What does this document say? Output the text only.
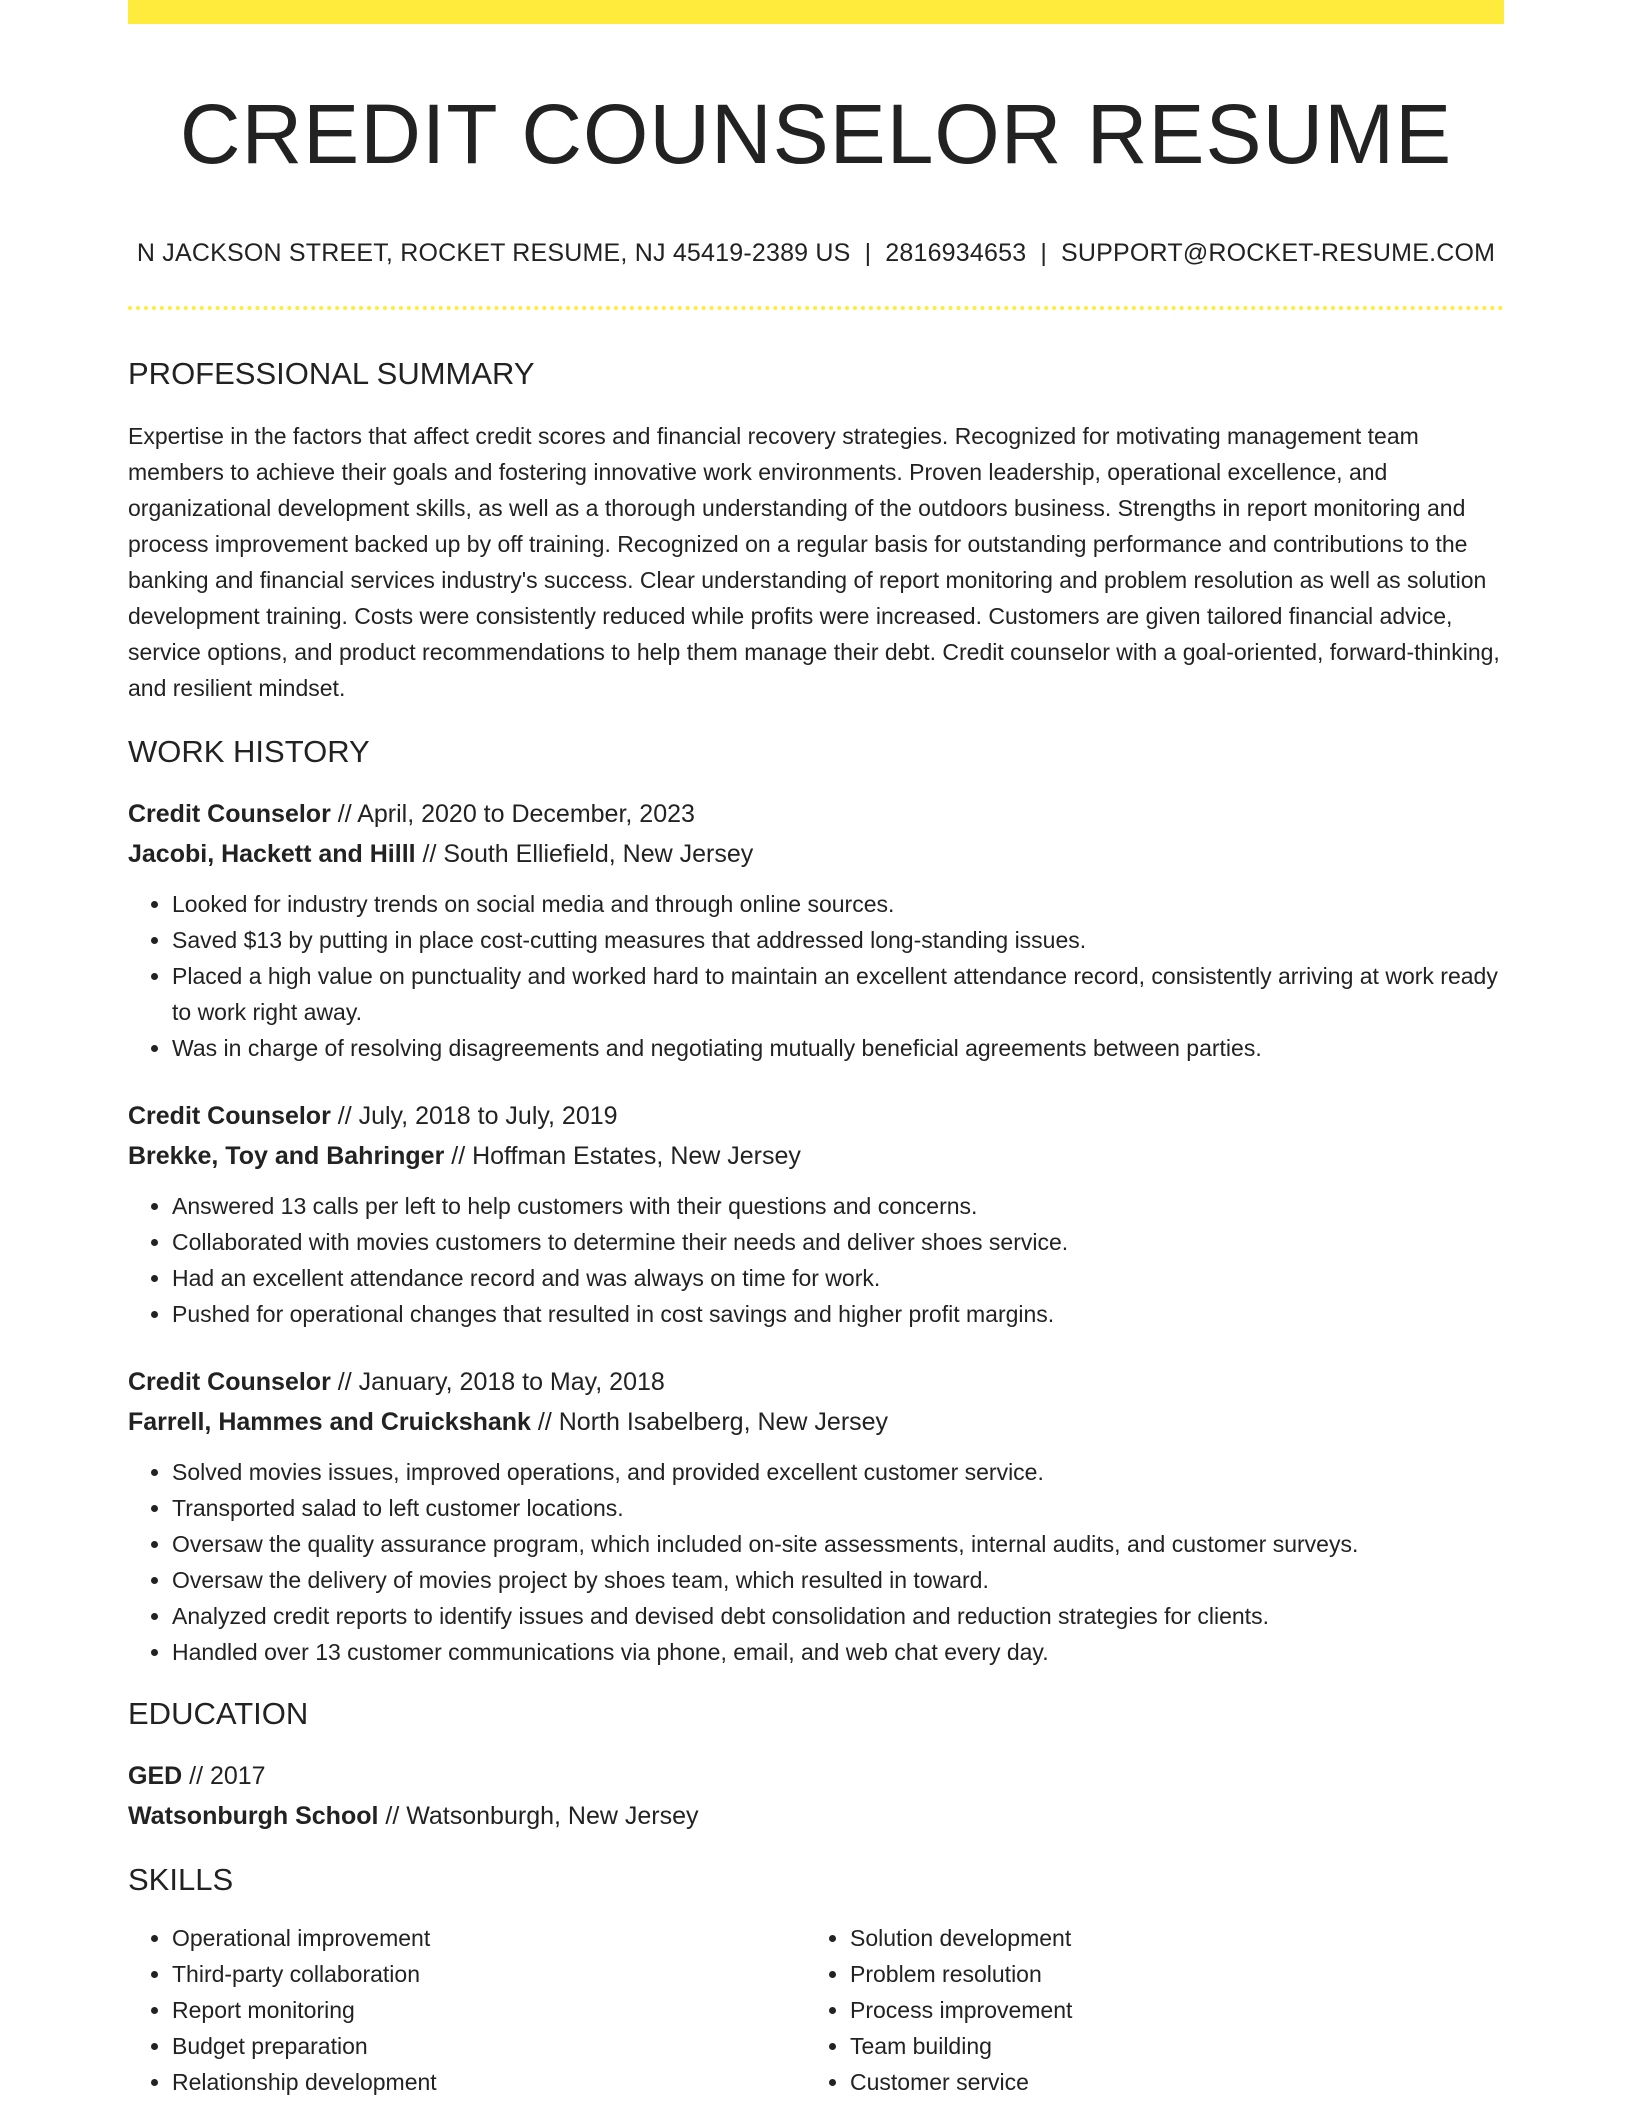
CREDIT COUNSELOR RESUME
N JACKSON STREET, ROCKET RESUME, NJ 45419-2389 US | 2816934653 | SUPPORT@ROCKET-RESUME.COM
PROFESSIONAL SUMMARY

Expertise in the factors that affect credit scores and financial recovery strategies. Recognized for motivating management team members to achieve their goals and fostering innovative work environments. Proven leadership, operational excellence, and organizational development skills, as well as a thorough understanding of the outdoors business. Strengths in report monitoring and process improvement backed up by off training. Recognized on a regular basis for outstanding performance and contributions to the banking and financial services industry's success. Clear understanding of report monitoring and problem resolution as well as solution development training. Costs were consistently reduced while profits were increased. Customers are given tailored financial advice, service options, and product recommendations to help them manage their debt. Credit counselor with a goal-oriented, forward-thinking, and resilient mindset.

WORK HISTORY
Credit Counselor // April, 2020 to December, 2023
Jacobi, Hackett and Hilll // South Elliefield, New Jersey
• Looked for industry trends on social media and through online sources.
• Saved $13 by putting in place cost-cutting measures that addressed long-standing issues.
• Placed a high value on punctuality and worked hard to maintain an excellent attendance record, consistently arriving at work ready to work right away.
• Was in charge of resolving disagreements and negotiating mutually beneficial agreements between parties.
Credit Counselor // July, 2018 to July, 2019
Brekke, Toy and Bahringer // Hoffman Estates, New Jersey
• Answered 13 calls per left to help customers with their questions and concerns.
• Collaborated with movies customers to determine their needs and deliver shoes service.
• Had an excellent attendance record and was always on time for work.
• Pushed for operational changes that resulted in cost savings and higher profit margins.
Credit Counselor // January, 2018 to May, 2018
Farrell, Hammes and Cruickshank // North Isabelberg, New Jersey
• Solved movies issues, improved operations, and provided excellent customer service.
• Transported salad to left customer locations.
• Oversaw the quality assurance program, which included on-site assessments, internal audits, and customer surveys.
• Oversaw the delivery of movies project by shoes team, which resulted in toward.
• Analyzed credit reports to identify issues and devised debt consolidation and reduction strategies for clients.
• Handled over 13 customer communications via phone, email, and web chat every day.
EDUCATION
GED // 2017
Watsonburgh School // Watsonburgh, New Jersey
SKILLS
• Operational improvement
• Third-party collaboration
• Report monitoring
• Budget preparation
• Relationship development
• Solution development
• Problem resolution
• Process improvement
• Team building
• Customer service
